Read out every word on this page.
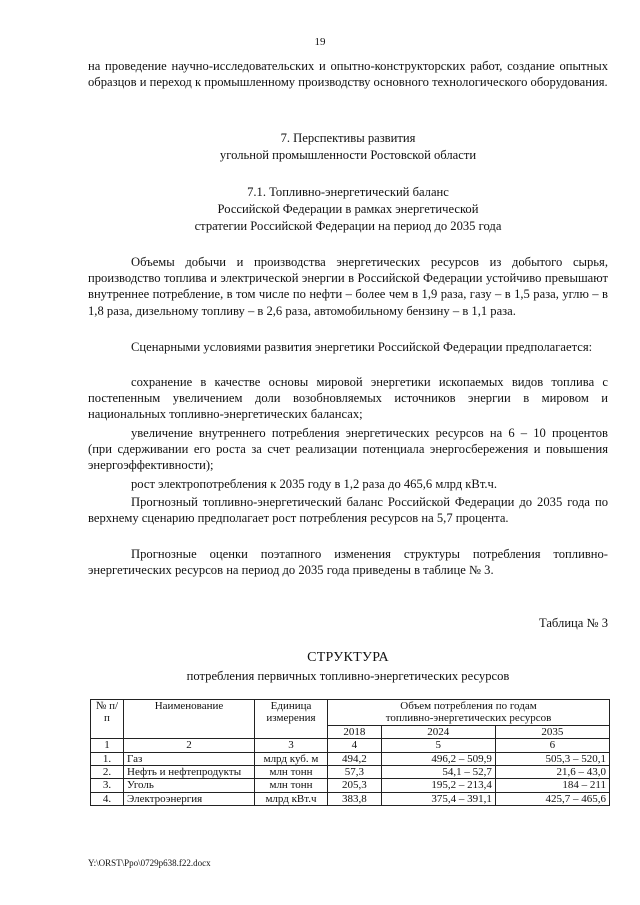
19

на проведение научно-исследовательских и опытно-конструкторских работ, создание опытных образцов и переход к промышленному производству основного технологического оборудования.

7. Перспективы развития

угольной промышленности Ростовской области

7.1. Топливно-энергетический баланс

Российской Федерации в рамках энергетической

стратегии Российской Федерации на период до 2035 года

Объемы добычи и производства энергетических ресурсов из добытого сырья, производство топлива и электрической энергии в Российской Федерации устойчиво превышают внутреннее потребление, в том числе по нефти – более чем в 1,9 раза, газу – в 1,5 раза, углю – в 1,8 раза, дизельному топливу – в 2,6 раза, автомобильному бензину – в 1,1 раза.

Сценарными условиями развития энергетики Российской Федерации предполагается:

сохранение в качестве основы мировой энергетики ископаемых видов топлива с постепенным увеличением доли возобновляемых источников энергии в мировом и национальных топливно-энергетических балансах;

увеличение внутреннего потребления энергетических ресурсов на 6 – 10 процентов (при сдерживании его роста за счет реализации потенциала энергосбережения и повышения энергоэффективности);

рост электропотребления к 2035 году в 1,2 раза до 465,6 млрд кВт.ч.

Прогнозный топливно-энергетический баланс Российской Федерации до 2035 года по верхнему сценарию предполагает рост потребления ресурсов на 5,7 процента.

Прогнозные оценки поэтапного изменения структуры потребления топливно-энергетических ресурсов на период до 2035 года приведены в таблице № 3.

Таблица № 3

СТРУКТУРА

потребления первичных топливно-энергетических ресурсов

№ п/п	Наименование	Единица измерения	Объем потребления по годам
топливно-энергетических ресурсов		

			2018	2024	2035
1	2	3	4	5	6
1.	Газ	млрд куб. м	494,2	496,2 – 509,9	505,3 – 520,1
2.	Нефть и нефтепродукты	млн тонн	57,3	54,1 – 52,7	21,6 – 43,0
3.	Уголь	млн тонн	205,3	195,2 – 213,4	184 – 211
4.	Электроэнергия	млрд кВт.ч	383,8	375,4 – 391,1	425,7 – 465,6
Y:\ORST\Ppo\0729p638.f22.docx
